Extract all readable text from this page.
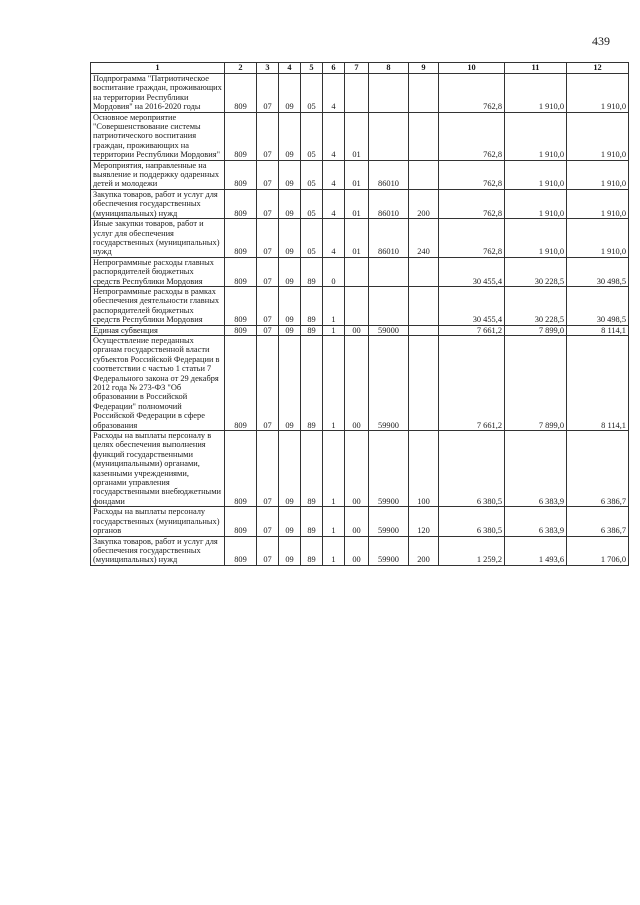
439
1	2	3	4	5	6	7	8	9	10	11	12
Подпрограмма "Патриотическое воспитание граждан, проживающих на территории Республики Мордовия" на 2016-2020 годы	809	07	09	05	4				762,8	1 910,0	1 910,0
Основное мероприятие "Совершенствование системы патриотического воспитания граждан, проживающих на территории Республики Мордовия"	809	07	09	05	4	01			762,8	1 910,0	1 910,0
Мероприятия, направленные на выявление и поддержку одаренных детей и молодежи	809	07	09	05	4	01	86010		762,8	1 910,0	1 910,0
Закупка товаров, работ и услуг для обеспечения государственных (муниципальных) нужд	809	07	09	05	4	01	86010	200	762,8	1 910,0	1 910,0
Иные закупки товаров, работ и услуг для обеспечения государственных (муниципальных) нужд	809	07	09	05	4	01	86010	240	762,8	1 910,0	1 910,0
Непрограммные расходы главных распорядителей бюджетных средств Республики Мордовия	809	07	09	89	0				30 455,4	30 228,5	30 498,5
Непрограммные расходы в рамках обеспечения деятельности главных распорядителей бюджетных средств Республики Мордовия	809	07	09	89	1				30 455,4	30 228,5	30 498,5
Единая субвенция	809	07	09	89	1	00	59000		7 661,2	7 899,0	8 114,1
Осуществление переданных органам государственной власти субъектов Российской Федерации в соответствии с частью 1 статьи 7 Федерального закона от 29 декабря 2012 года № 273-ФЗ "Об образовании в Российской Федерации" полномочий Российской Федерации в сфере образования	809	07	09	89	1	00	59900		7 661,2	7 899,0	8 114,1
Расходы на выплаты персоналу в целях обеспечения выполнения функций государственными (муниципальными) органами, казенными учреждениями, органами управления государственными внебюджетными фондами	809	07	09	89	1	00	59900	100	6 380,5	6 383,9	6 386,7
Расходы на выплаты персоналу государственных (муниципальных) органов	809	07	09	89	1	00	59900	120	6 380,5	6 383,9	6 386,7
Закупка товаров, работ и услуг для обеспечения государственных (муниципальных) нужд	809	07	09	89	1	00	59900	200	1 259,2	1 493,6	1 706,0
